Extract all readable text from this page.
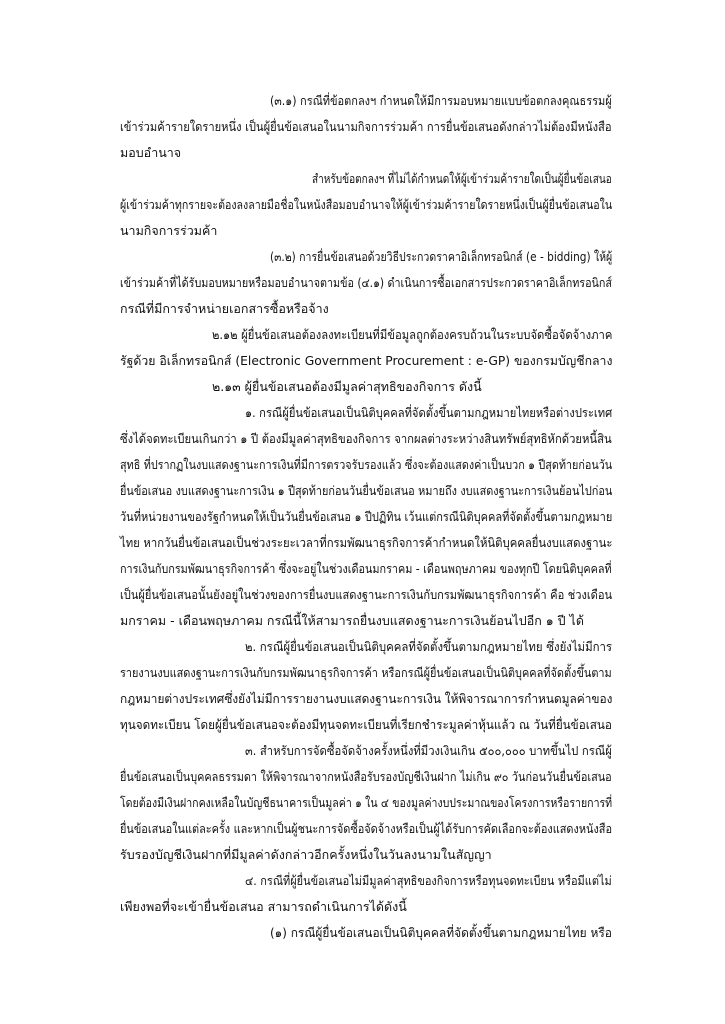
(๓.๑) กรณีที่ข้อตกลงฯ กำหนดให้มีการมอบหมายแบบข้อตกลงคุณธรรมผู้
เข้าร่วมค้ารายใดรายหนึ่ง เป็นผู้ยื่นข้อเสนอในนามกิจการร่วมค้า การยื่นข้อเสนอดังกล่าวไม่ต้องมีหนังสือ
มอบอำนาจ
สำหรับข้อตกลงฯ ที่ไม่ได้กำหนดให้ผู้เข้าร่วมค้ารายใดเป็นผู้ยื่นข้อเสนอ
ผู้เข้าร่วมค้าทุกรายจะต้องลงลายมือชื่อในหนังสือมอบอำนาจให้ผู้เข้าร่วมค้ารายใดรายหนึ่งเป็นผู้ยื่นข้อเสนอใน
นามกิจการร่วมค้า
(๓.๒) การยื่นข้อเสนอด้วยวิธีประกวดราคาอิเล็กทรอนิกส์ (e - bidding) ให้ผู้
เข้าร่วมค้าที่ได้รับมอบหมายหรือมอบอำนาจตามข้อ (๔.๑) ดำเนินการซื้อเอกสารประกวดราคาอิเล็กทรอนิกส์
กรณีที่มีการจำหน่ายเอกสารซื้อหรือจ้าง
๒.๑๒ ผู้ยื่นข้อเสนอต้องลงทะเบียนที่มีข้อมูลถูกต้องครบถ้วนในระบบจัดซื้อจัดจ้างภาค
รัฐด้วย อิเล็กทรอนิกส์ (Electronic Government Procurement : e-GP) ของกรมบัญชีกลาง
๒.๑๓ ผู้ยื่นข้อเสนอต้องมีมูลค่าสุทธิของกิจการ ดังนี้
๑. กรณีผู้ยื่นข้อเสนอเป็นนิติบุคคลที่จัดตั้งขึ้นตามกฎหมายไทยหรือต่างประเทศ
ซึ่งได้จดทะเบียนเกินกว่า ๑ ปี ต้องมีมูลค่าสุทธิของกิจการ จากผลต่างระหว่างสินทรัพย์สุทธิหักด้วยหนี้สิน
สุทธิ ที่ปรากฏในงบแสดงฐานะการเงินที่มีการตรวจรับรองแล้ว ซึ่งจะต้องแสดงค่าเป็นบวก ๑ ปีสุดท้ายก่อนวัน
ยื่นข้อเสนอ งบแสดงฐานะการเงิน ๑ ปีสุดท้ายก่อนวันยื่นข้อเสนอ หมายถึง งบแสดงฐานะการเงินย้อนไปก่อน
วันที่หน่วยงานของรัฐกำหนดให้เป็นวันยื่นข้อเสนอ ๑ ปีปฏิทิน เว้นแต่กรณีนิติบุคคลที่จัดตั้งขึ้นตามกฎหมาย
ไทย หากวันยื่นข้อเสนอเป็นช่วงระยะเวลาที่กรมพัฒนาธุรกิจการค้ากำหนดให้นิติบุคคลยื่นงบแสดงฐานะ
การเงินกับกรมพัฒนาธุรกิจการค้า ซึ่งจะอยู่ในช่วงเดือนมกราคม - เดือนพฤษภาคม ของทุกปี โดยนิติบุคคลที่
เป็นผู้ยื่นข้อเสนอนั้นยังอยู่ในช่วงของการยื่นงบแสดงฐานะการเงินกับกรมพัฒนาธุรกิจการค้า คือ ช่วงเดือน
มกราคม - เดือนพฤษภาคม กรณีนี้ให้สามารถยื่นงบแสดงฐานะการเงินย้อนไปอีก ๑ ปี ได้
๒. กรณีผู้ยื่นข้อเสนอเป็นนิติบุคคลที่จัดตั้งขึ้นตามกฎหมายไทย ซึ่งยังไม่มีการ
รายงานงบแสดงฐานะการเงินกับกรมพัฒนาธุรกิจการค้า หรือกรณีผู้ยื่นข้อเสนอเป็นนิติบุคคลที่จัดตั้งขึ้นตาม
กฎหมายต่างประเทศซึ่งยังไม่มีการรายงานงบแสดงฐานะการเงิน ให้พิจารณาการกำหนดมูลค่าของ
ทุนจดทะเบียน โดยผู้ยื่นข้อเสนอจะต้องมีทุนจดทะเบียนที่เรียกชำระมูลค่าหุ้นแล้ว ณ วันที่ยื่นข้อเสนอ
๓. สำหรับการจัดซื้อจัดจ้างครั้งหนึ่งที่มีวงเงินเกิน ๕๐๐,๐๐๐ บาทขึ้นไป กรณีผู้
ยื่นข้อเสนอเป็นบุคคลธรรมดา ให้พิจารณาจากหนังสือรับรองบัญชีเงินฝาก ไม่เกิน ๙๐ วันก่อนวันยื่นข้อเสนอ
โดยต้องมีเงินฝากคงเหลือในบัญชีธนาคารเป็นมูลค่า ๑ ใน ๔ ของมูลค่างบประมาณของโครงการหรือรายการที่
ยื่นข้อเสนอในแต่ละครั้ง และหากเป็นผู้ชนะการจัดซื้อจัดจ้างหรือเป็นผู้ได้รับการคัดเลือกจะต้องแสดงหนังสือ
รับรองบัญชีเงินฝากที่มีมูลค่าดังกล่าวอีกครั้งหนึ่งในวันลงนามในสัญญา
๔. กรณีที่ผู้ยื่นข้อเสนอไม่มีมูลค่าสุทธิของกิจการหรือทุนจดทะเบียน หรือมีแต่ไม่
เพียงพอที่จะเข้ายื่นข้อเสนอ สามารถดำเนินการได้ดังนี้
(๑) กรณีผู้ยื่นข้อเสนอเป็นนิติบุคคลที่จัดตั้งขึ้นตามกฎหมายไทย หรือ
